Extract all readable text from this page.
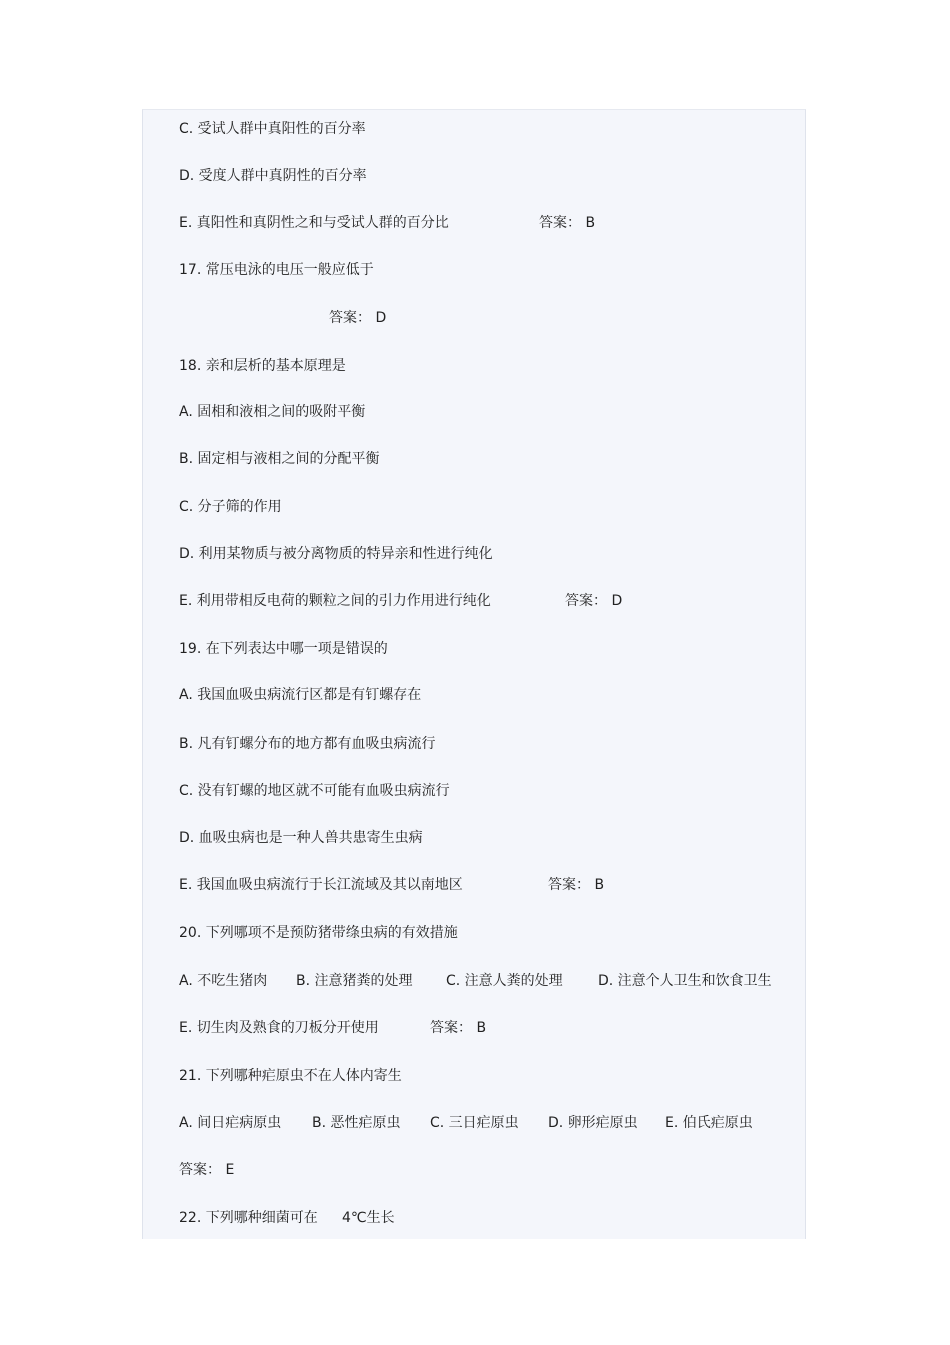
C. 受试人群中真阳性的百分率
D. 受度人群中真阴性的百分率
E. 真阳性和真阴性之和与受试人群的百分比	答案： B
17. 常压电泳的电压一般应低于
答案： D
18. 亲和层析的基本原理是
A. 固相和液相之间的吸附平衡
B. 固定相与液相之间的分配平衡
C. 分子筛的作用
D. 利用某物质与被分离物质的特异亲和性进行纯化
E. 利用带相反电荷的颗粒之间的引力作用进行纯化	答案： D
19. 在下列表达中哪一项是错误的
A. 我国血吸虫病流行区都是有钉螺存在
B. 凡有钉螺分布的地方都有血吸虫病流行
C. 没有钉螺的地区就不可能有血吸虫病流行
D. 血吸虫病也是一种人兽共患寄生虫病
E. 我国血吸虫病流行于长江流域及其以南地区	答案： B
20. 下列哪项不是预防猪带绦虫病的有效措施
A. 不吃生猪肉 B. 注意猪粪的处理 C. 注意人粪的处理	D. 注意个人卫生和饮食卫生
E. 切生肉及熟食的刀板分开使用	答案： B
21. 下列哪种疟原虫不在人体内寄生
A. 间日疟病原虫 B. 恶性疟原虫 C. 三日疟原虫 D. 卵形疟原虫 E. 伯氏疟原虫
答案： E
22. 下列哪种细菌可在 4℃生长
